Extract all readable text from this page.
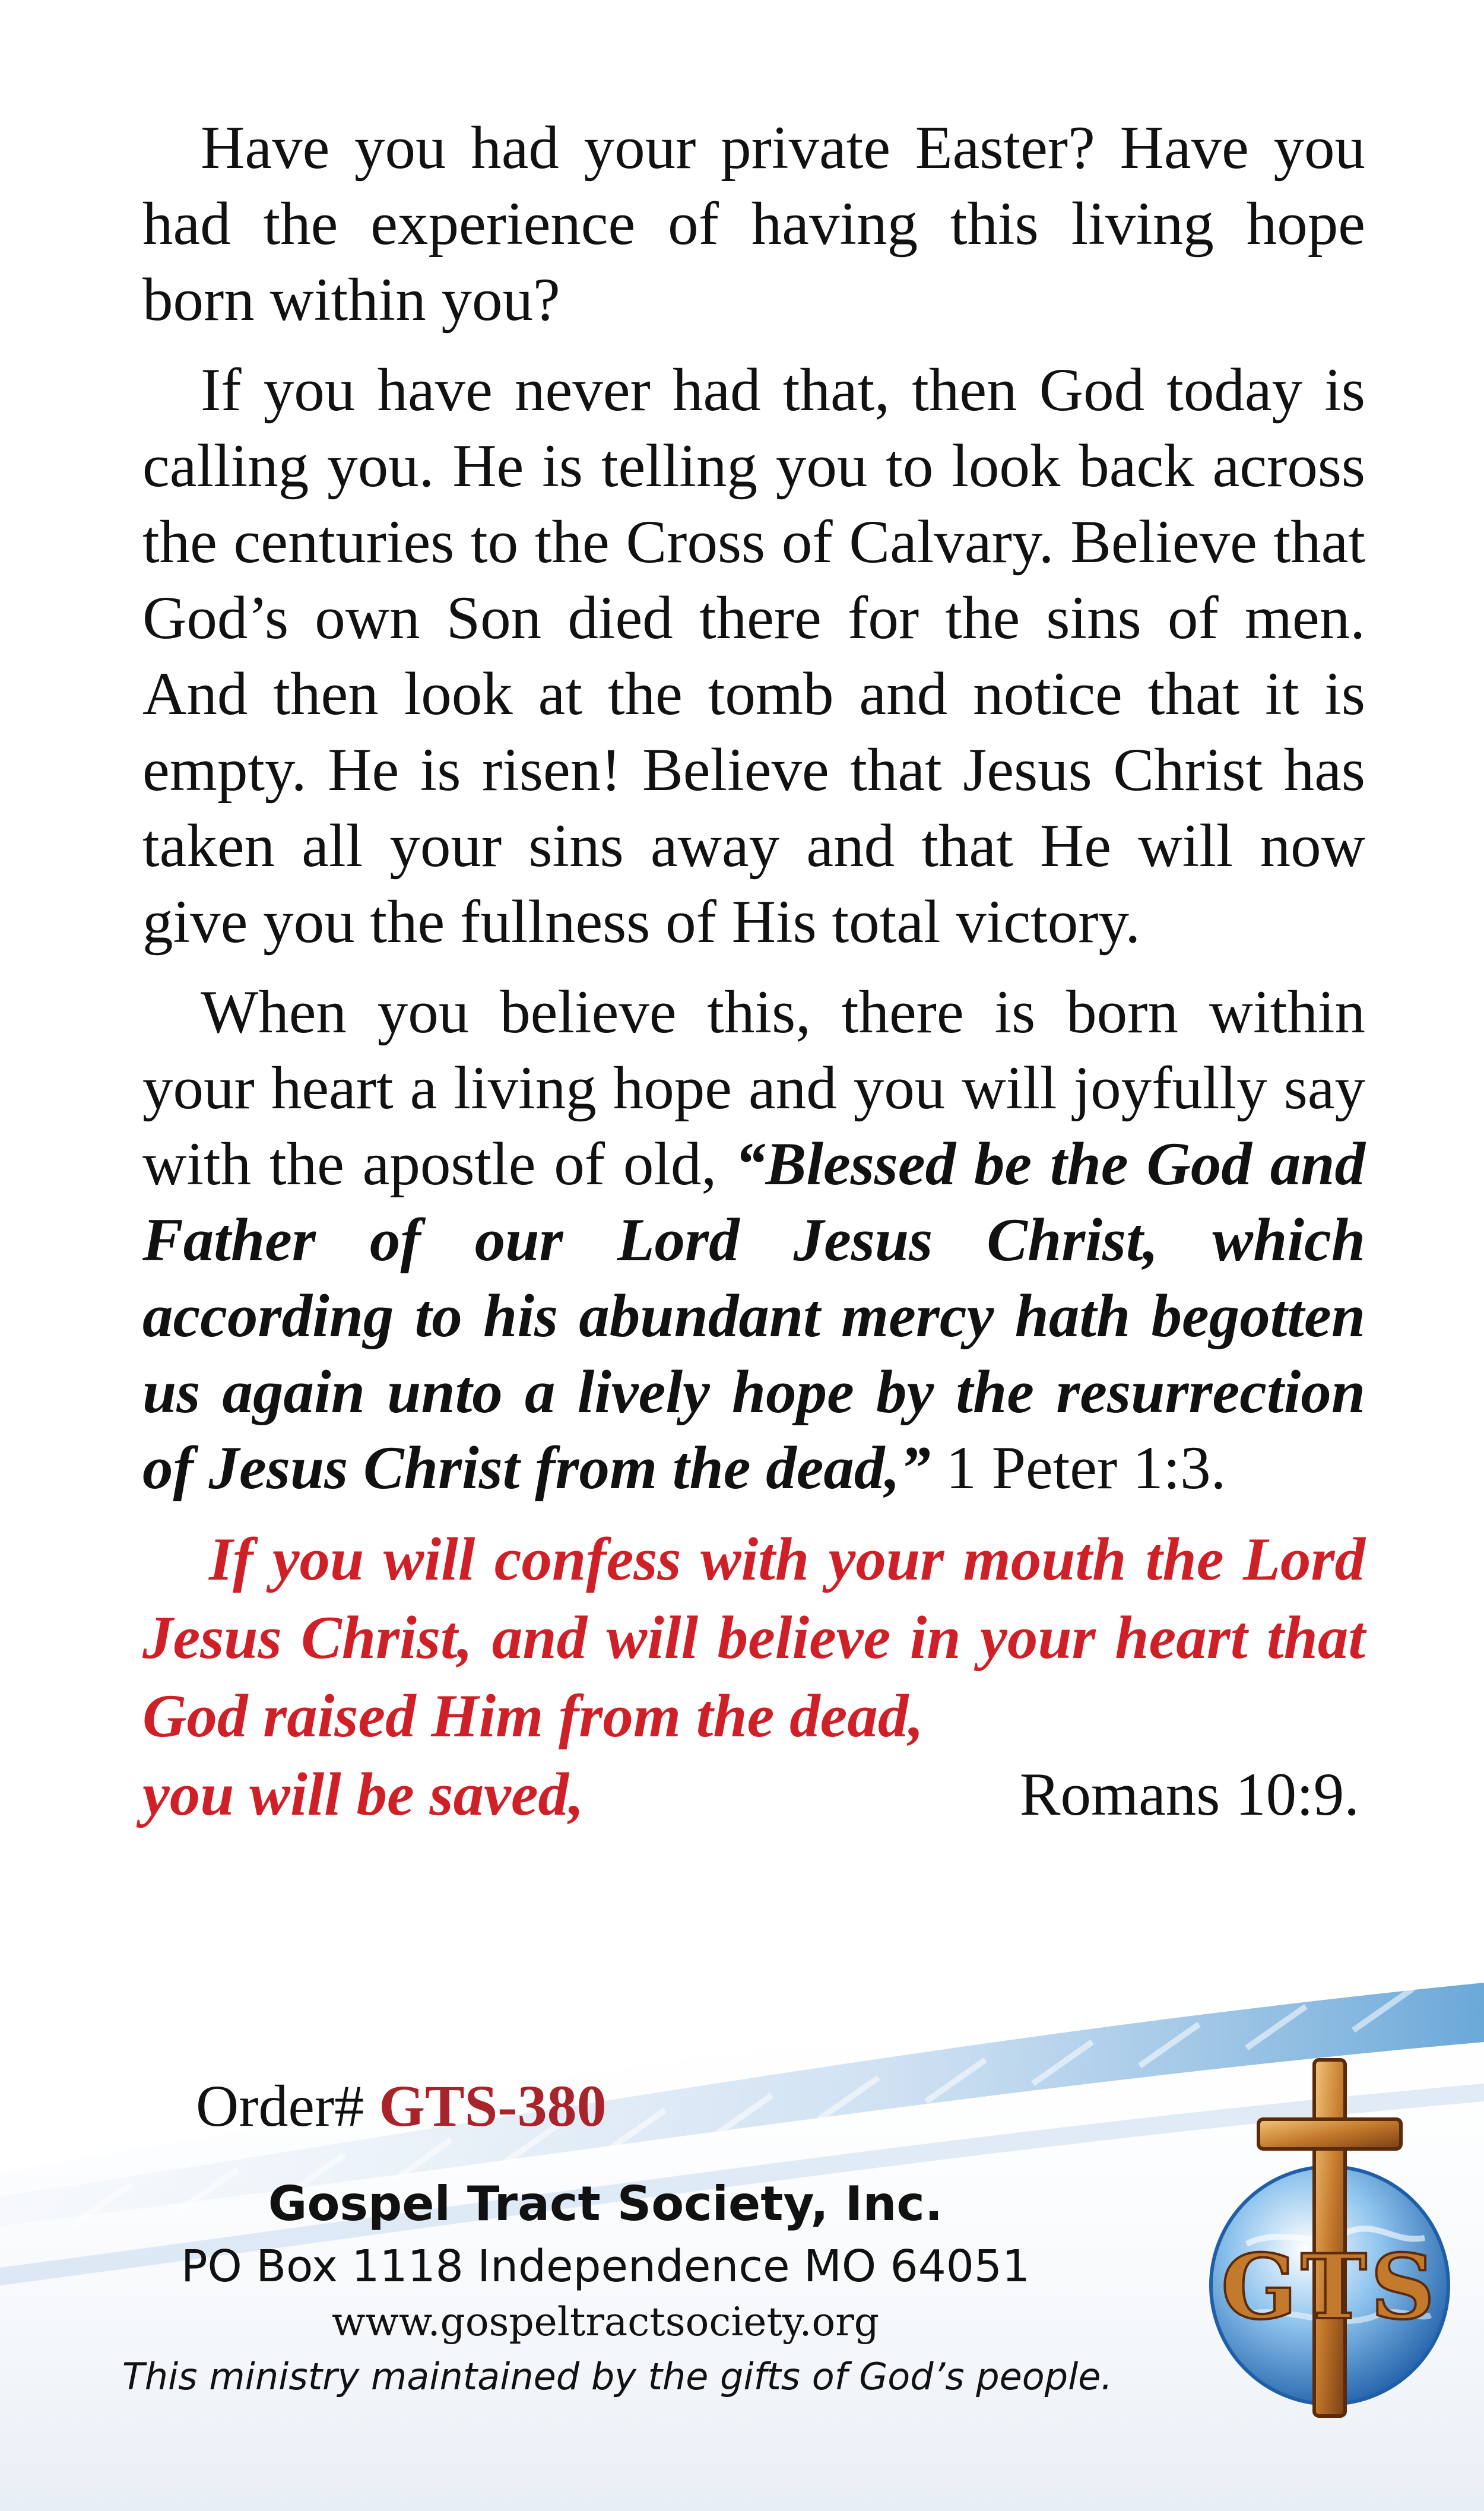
Have you had your private Easter? Have you had the experience of having this living hope born within you?

If you have never had that, then God today is calling you. He is telling you to look back across the centuries to the Cross of Calvary. Believe that God’s own Son died there for the sins of men. And then look at the tomb and notice that it is empty. He is risen! Believe that Jesus Christ has taken all your sins away and that He will now give you the fullness of His total victory.

When you believe this, there is born within your heart a living hope and you will joyfully say with the apostle of old, “Blessed be the God and Father of our Lord Jesus Christ, which according to his abundant mercy hath begotten us again unto a lively hope by the resurrection of Jesus Christ from the dead,” 1 Peter 1:3.

If you will confess with your mouth the Lord Jesus Christ, and will believe in your heart that God raised Him from the dead,

you will be saved,	Romans 10:9.
Order# GTS-380
Gospel Tract Society, Inc.
PO Box 1118 Independence MO 64051
www.gospeltractsociety.org
This ministry maintained by the gifts of God’s people.
GTS
